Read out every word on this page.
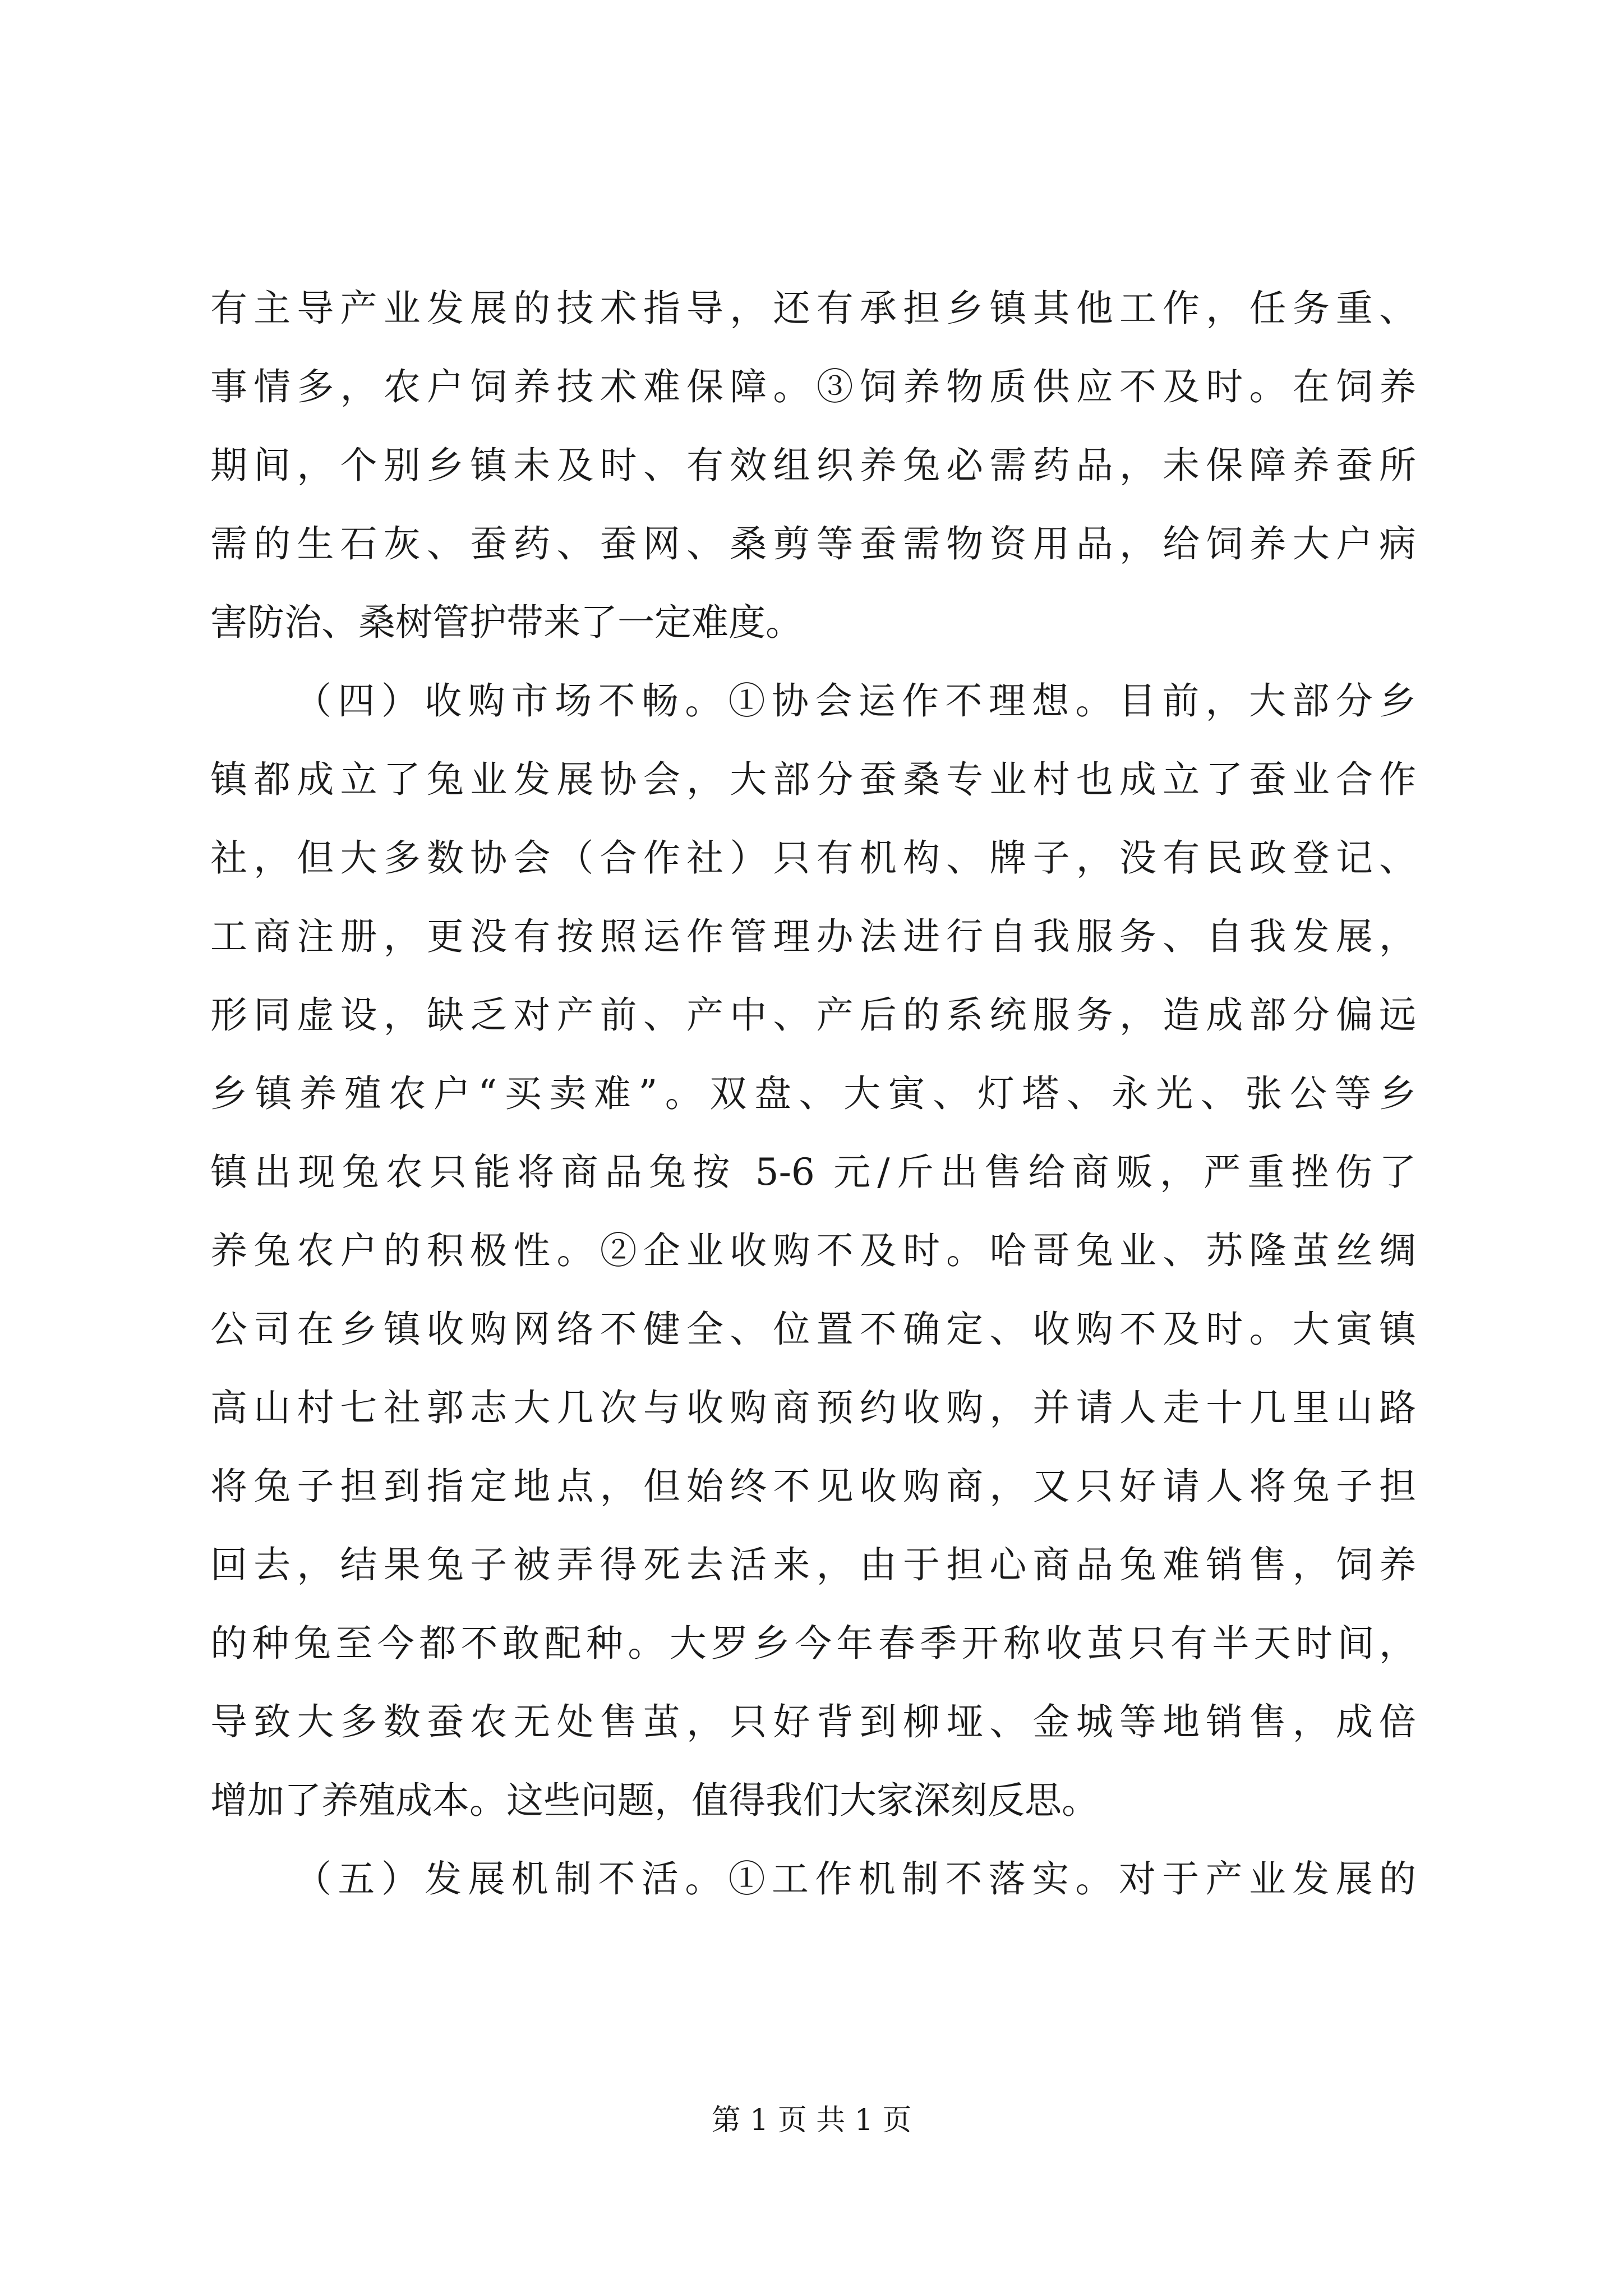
有主导产业发展的技术指导，还有承担乡镇其他工作，任务重、
事情多，农户饲养技术难保障。③饲养物质供应不及时。在饲养
期间，个别乡镇未及时、有效组织养兔必需药品，未保障养蚕所
需的生石灰、蚕药、蚕网、桑剪等蚕需物资用品，给饲养大户病
害防治、桑树管护带来了一定难度。
（四）收购市场不畅。①协会运作不理想。目前，大部分乡
镇都成立了兔业发展协会，大部分蚕桑专业村也成立了蚕业合作
社，但大多数协会（合作社）只有机构、牌子，没有民政登记、
工商注册，更没有按照运作管理办法进行自我服务、自我发展，
形同虚设，缺乏对产前、产中、产后的系统服务，造成部分偏远
乡镇养殖农户“买卖难”。双盘、大寅、灯塔、永光、张公等乡
镇出现兔农只能将商品兔按 5-6 元/斤出售给商贩，严重挫伤了
养兔农户的积极性。②企业收购不及时。哈哥兔业、苏隆茧丝绸
公司在乡镇收购网络不健全、位置不确定、收购不及时。大寅镇
高山村七社郭志大几次与收购商预约收购，并请人走十几里山路
将兔子担到指定地点，但始终不见收购商，又只好请人将兔子担
回去，结果兔子被弄得死去活来，由于担心商品兔难销售，饲养
的种兔至今都不敢配种。大罗乡今年春季开称收茧只有半天时间，
导致大多数蚕农无处售茧，只好背到柳垭、金城等地销售，成倍
增加了养殖成本。这些问题，值得我们大家深刻反思。
（五）发展机制不活。①工作机制不落实。对于产业发展的
第 1 页 共 1 页
